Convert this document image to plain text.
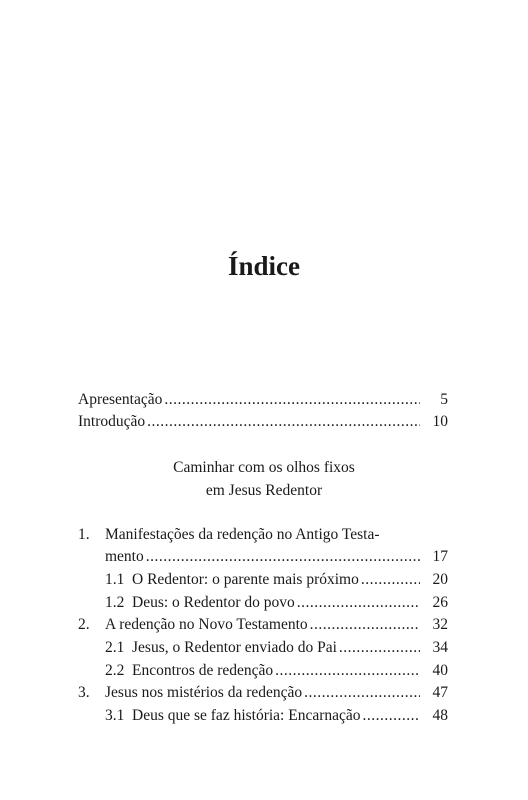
Índice
Apresentação .....	5
Introdução .....	10
Caminhar com os olhos fixos
em Jesus Redentor
1. Manifestações da redenção no Antigo Testa-
mento .....	17
1.1 O Redentor: o parente mais próximo .....	20
1.2 Deus: o Redentor do povo .....	26
2. A redenção no Novo Testamento .....	32
2.1 Jesus, o Redentor enviado do Pai .....	34
2.2 Encontros de redenção .....	40
3. Jesus nos mistérios da redenção .....	47
3.1 Deus que se faz história: Encarnação .....	48
